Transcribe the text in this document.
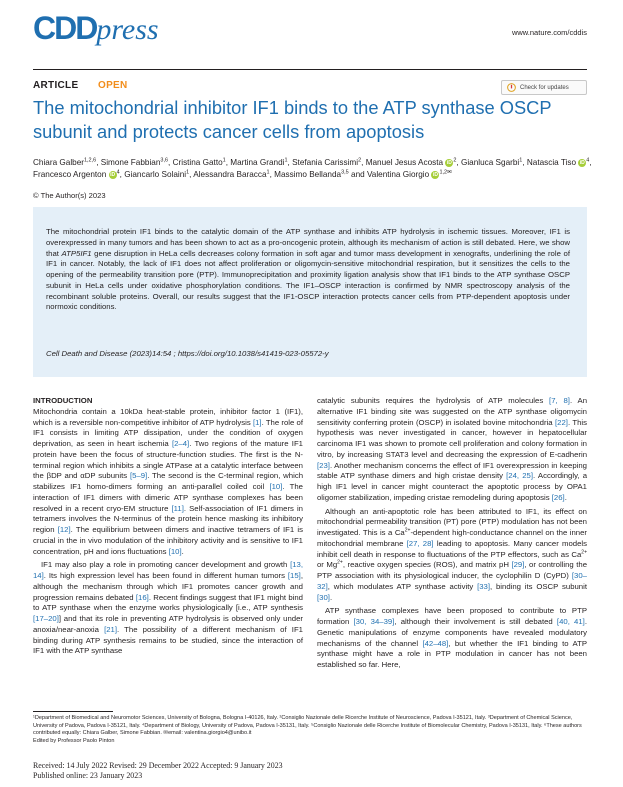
CDDpress	www.nature.com/cddis
ARTICLE OPEN	Check for updates
The mitochondrial inhibitor IF1 binds to the ATP synthase OSCP subunit and protects cancer cells from apoptosis
Chiara Galber$^{1,2,6}$, Simone Fabbian$^{3,6}$, Cristina Gatto$^1$, Martina Grandi$^1$, Stefania Carissimi$^2$, Manuel Jesus Acosta iD $^2$, Gianluca Sgarbi$^1$, Natascia Tiso iD $^4$, Francesco Argenton iD $^4$, Giancarlo Solaini$^1$, Alessandra Baracca$^1$, Massimo Bellanda$^{3,5}$ and Valentina Giorgio iD $^{1,2✉}$
© The Author(s) 2023
The mitochondrial protein IF1 binds to the catalytic domain of the ATP synthase and inhibits ATP hydrolysis in ischemic tissues. Moreover, IF1 is overexpressed in many tumors and has been shown to act as a pro-oncogenic protein, although its mechanism of action is still debated. Here, we show that ATP5IF1 gene disruption in HeLa cells decreases colony formation in soft agar and tumor mass development in xenografts, underlining the role of IF1 in cancer. Notably, the lack of IF1 does not affect proliferation or oligomycin-sensitive mitochondrial respiration, but it sensitizes the cells to the opening of the permeability transition pore (PTP). Immunoprecipitation and proximity ligation analysis show that IF1 binds to the ATP synthase OSCP subunit in HeLa cells under oxidative phosphorylation conditions. The IF1–OSCP interaction is confirmed by NMR spectroscopy analysis of the recombinant soluble proteins. Overall, our results suggest that the IF1-OSCP interaction protects cancer cells from PTP-dependent apoptosis under normoxic conditions.
Cell Death and Disease (2023)14:54 ; https://doi.org/10.1038/s41419-023-05572-y
INTRODUCTION

Mitochondria contain a 10kDa heat-stable protein, inhibitor factor 1 (IF1), which is a reversible non-competitive inhibitor of ATP hydrolysis [1]. The role of IF1 consists in limiting ATP dissipation, under the condition of oxygen deprivation, as seen in heart ischemia [2–4]. Two regions of the mature IF1 protein have been the focus of structure-function studies. The first is the N-terminal region which inhibits a single ATPase at a catalytic interface between the βDP and αDP subunits [5–9]. The second is the C-terminal region, which stabilizes IF1 homo-dimers forming an anti-parallel coiled coil [10]. The interaction of IF1 dimers with dimeric ATP synthase complexes has been resolved in a recent cryo-EM structure [11]. Self-association of IF1 dimers in tetramers involves the N-terminus of the protein hence masking its inhibitory region [12]. The equilibrium between dimers and inactive tetramers of IF1 is crucial in the in vivo modulation of the inhibitory activity and is sensitive to IF1 concentration, pH and ions fluctuations [10].

IF1 may also play a role in promoting cancer development and growth [13, 14]. Its high expression level has been found in different human tumors [15], although the mechanism through which IF1 promotes cancer growth and progression remains debated [16]. Recent findings suggest that IF1 might bind to ATP synthase when the enzyme works physiologically [i.e., ATP synthesis [17–20]] and that its role in preventing ATP hydrolysis is observed only under anoxia/near-anoxia [21]. The possibility of a different mechanism of IF1 binding during ATP synthesis remains to be studied, since the interaction of IF1 with the ATP synthase

catalytic subunits requires the hydrolysis of ATP molecules [7, 8]. An alternative IF1 binding site was suggested on the ATP synthase oligomycin sensitivity conferring protein (OSCP) in isolated bovine mitochondria [22]. This hypothesis was never investigated in cancer, however in hepatocellular carcinoma IF1 was shown to promote cell proliferation and colony formation in vitro, by increasing STAT3 level and decreasing the expression of E-cadherin [23]. Another mechanism concerns the effect of IF1 overexpression in keeping stable ATP synthase dimers and high cristae density [24, 25]. Accordingly, a high IF1 level in cancer might counteract the apoptotic process by OPA1 oligomer stabilization, impeding cristae remodeling during apoptosis [26].

Although an anti-apoptotic role has been attributed to IF1, its effect on mitochondrial permeability transition (PT) pore (PTP) modulation has not been investigated. This is a $Ca^{2+}$-dependent high-conductance channel on the inner mitochondrial membrane [27, 28] leading to apoptosis. Many cancer models inhibit cell death in response to fluctuations of the PTP effectors, such as $Ca^{2+}$ or $Mg^{2+}$, reactive oxygen species (ROS), and matrix pH [29], or controlling the PTP association with its physiological inducer, the cyclophilin D (CyPD) [30–32], which modulates ATP synthase activity [33], binding its OSCP subunit [30].

ATP synthase complexes have been proposed to contribute to PTP formation [30, 34–39], although their involvement is still debated [40, 41]. Genetic manipulations of enzyme components have revealed modulatory mechanisms of the channel [42–48], but whether the IF1 binding to ATP synthase might have a role in PTP modulation in cancer has not been established so far. Here,

¹Department of Biomedical and Neuromotor Sciences, University of Bologna, Bologna I-40126, Italy. ²Consiglio Nazionale delle Ricerche Institute of Neuroscience, Padova I-35121, Italy. ³Department of Chemical Science, University of Padova, Padova I-35121, Italy. ⁴Department of Biology, University of Padova, Padova I-35131, Italy. ⁵Consiglio Nazionale delle Ricerche Institute of Biomolecular Chemistry, Padova I-35131, Italy. ⁶These authors contributed equally: Chiara Galber, Simone Fabbian. ✉email: valentina.giorgio4@unibo.it
Edited by Professor Paolo Pinton
Received: 14 July 2022 Revised: 29 December 2022 Accepted: 9 January 2023
Published online: 23 January 2023
